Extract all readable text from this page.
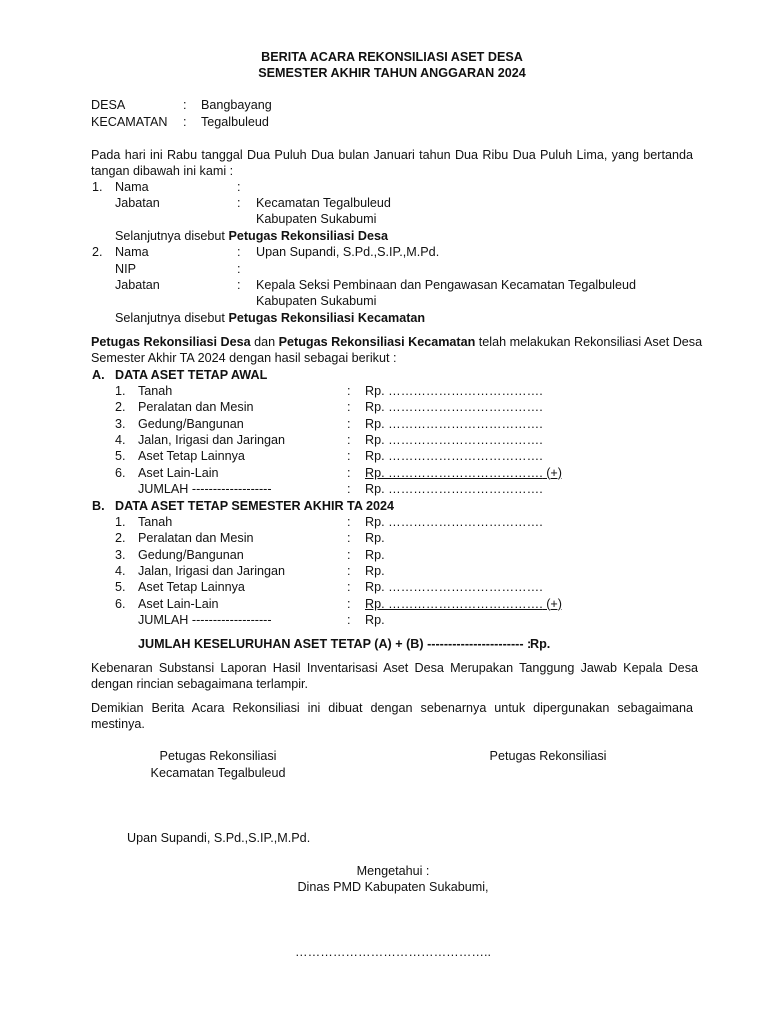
BERITA ACARA REKONSILIASI ASET DESA
SEMESTER AKHIR TAHUN ANGGARAN 2024
DESA	: Bangbayang
KECAMATAN : Tegalbuleud
Pada hari ini Rabu tanggal Dua Puluh Dua bulan Januari tahun Dua Ribu Dua Puluh Lima, yang bertanda
tangan dibawah ini kami :
1. Nama	:
Jabatan	: Kecamatan Tegalbuleud
Kabupaten Sukabumi
Selanjutnya disebut Petugas Rekonsiliasi Desa
2. Nama	: Upan Supandi, S.Pd.,S.IP.,M.Pd.
NIP	:
Jabatan	: Kepala Seksi Pembinaan dan Pengawasan Kecamatan Tegalbuleud
Kabupaten Sukabumi
Selanjutnya disebut Petugas Rekonsiliasi Kecamatan
Petugas Rekonsiliasi Desa dan Petugas Rekonsiliasi Kecamatan telah melakukan Rekonsiliasi Aset Desa
Semester Akhir TA 2024 dengan hasil sebagai berikut :
A. DATA ASET TETAP AWAL
1. Tanah	: Rp. ……………………………….
2. Peralatan dan Mesin	: Rp. ……………………………….
3. Gedung/Bangunan	: Rp. ……………………………….
4. Jalan, Irigasi dan Jaringan	: Rp. ……………………………….
5. Aset Tetap Lainnya	: Rp. ……………………………….
6. Aset Lain-Lain	: Rp. ………………………………. (+)
JUMLAH -------------------	: Rp. ……………………………….
B. DATA ASET TETAP SEMESTER AKHIR TA 2024
1. Tanah	: Rp. ……………………………….
2. Peralatan dan Mesin	: Rp.
3. Gedung/Bangunan	: Rp.
4. Jalan, Irigasi dan Jaringan	: Rp.
5. Aset Tetap Lainnya	: Rp. ……………………………….
6. Aset Lain-Lain	: Rp. ………………………………. (+)
JUMLAH -------------------	: Rp.
JUMLAH KESELURUHAN ASET TETAP (A) + (B) ----------------------- :
Rp.
Kebenaran Substansi Laporan Hasil Inventarisasi Aset Desa Merupakan Tanggung Jawab Kepala Desa
dengan rincian sebagaimana terlampir.
Demikian Berita Acara Rekonsiliasi ini dibuat dengan sebenarnya untuk dipergunakan sebagaimana
mestinya.
Petugas Rekonsiliasi
Kecamatan Tegalbuleud
Petugas Rekonsiliasi
Upan Supandi, S.Pd.,S.IP.,M.Pd.
Mengetahui :
Dinas PMD Kabupaten Sukabumi,
………………………………………..
